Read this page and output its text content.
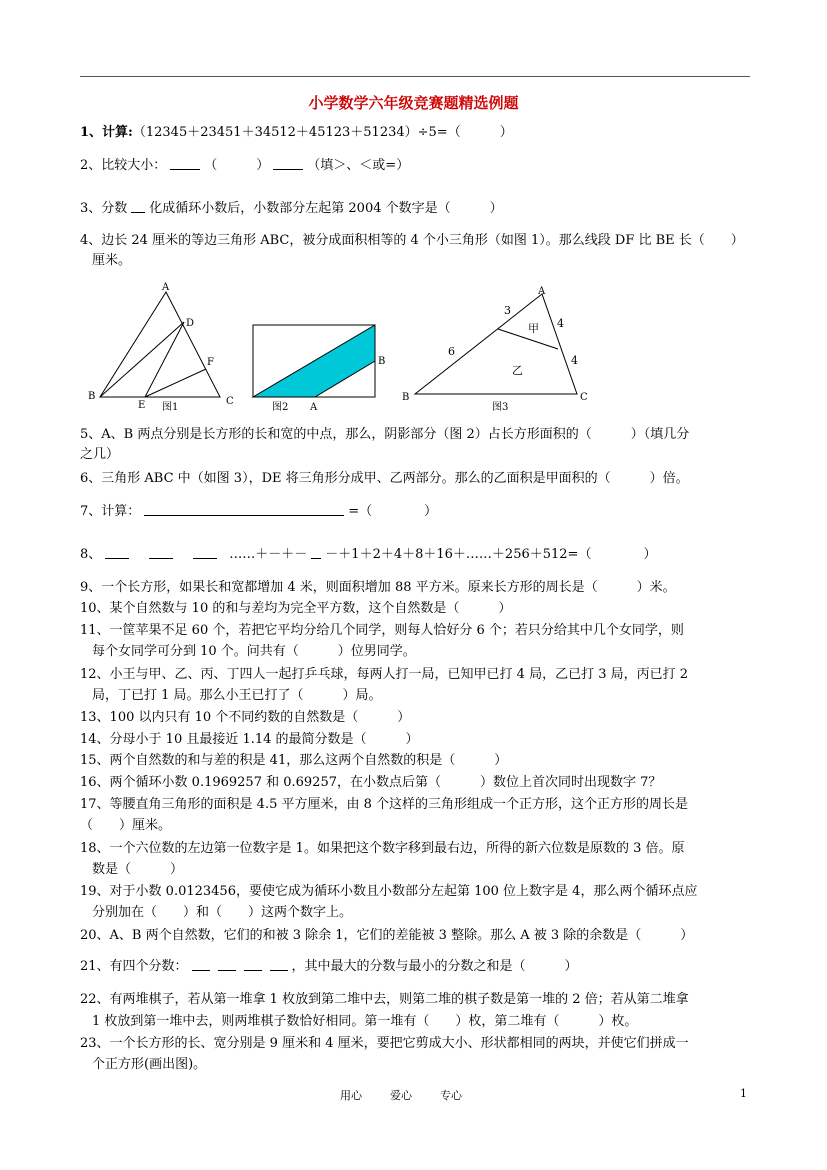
小学数学六年级竞赛题精选例题
1、计算:（12345＋23451＋34512＋45123＋51234）÷5=（　　　）
2、比较大小：	（　　　）	（填＞、＜或=）
3、分数 化成循环小数后，小数部分左起第 2004 个数字是（　　　）
4、边长 24 厘米的等边三角形 ABC，被分成面积相等的 4 个小三角形（如图 1）。那么线段 DF 比 BE 长（　　）
厘米。
A
B	C
D
E
F
图1
B
A
图2
A
B	C
3
4
6
4
甲
乙
图3
5、A、B 两点分别是长方形的长和宽的中点，那么，阴影部分（图 2）占长方形面积的（　　　）（填几分
之几）
6、三角形 ABC 中（如图 3），DE 将三角形分成甲、乙两部分。那么的乙面积是甲面积的（　　　）倍。
7、计算：	=（　　　　）
8、	……＋－＋－ －＋1＋2＋4＋8＋16＋……＋256＋512=（　　　　）
9、一个长方形，如果长和宽都增加 4 米，则面积增加 88 平方米。原来长方形的周长是（　　　）米。
10、某个自然数与 10 的和与差均为完全平方数，这个自然数是（　　　）
11、一筐苹果不足 60 个，若把它平均分给几个同学，则每人恰好分 6 个；若只分给其中几个女同学，则
每个女同学可分到 10 个。问共有（　　　）位男同学。
12、小王与甲、乙、丙、丁四人一起打乒乓球，每两人打一局，已知甲已打 4 局，乙已打 3 局，丙已打 2
局，丁已打 1 局。那么小王已打了（　　　）局。
13、100 以内只有 10 个不同约数的自然数是（　　　）
14、分母小于 10 且最接近 1.14 的最简分数是（　　　）
15、两个自然数的和与差的积是 41，那么这两个自然数的积是（　　　）
16、两个循环小数 0.1969257 和 0.69257，在小数点后第（　　　）数位上首次同时出现数字 7？
17、等腰直角三角形的面积是 4.5 平方厘米，由 8 个这样的三角形组成一个正方形，这个正方形的周长是
（　　）厘米。
18、一个六位数的左边第一位数字是 1。如果把这个数字移到最右边，所得的新六位数是原数的 3 倍。原
数是（　　　）
19、对于小数 0.0123456，要使它成为循环小数且小数部分左起第 100 位上数字是 4，那么两个循环点应
分别加在（　　）和（　　）这两个数字上。
20、A、B 两个自然数，它们的和被 3 除余 1，它们的差能被 3 整除。那么 A 被 3 除的余数是（　　　）
21、有四个分数：	，其中最大的分数与最小的分数之和是（　　　）
22、有两堆棋子，若从第一堆拿 1 枚放到第二堆中去，则第二堆的棋子数是第一堆的 2 倍；若从第二堆拿
1 枚放到第一堆中去，则两堆棋子数恰好相同。第一堆有（　　）枚，第二堆有（　　　）枚。
23、一个长方形的长、宽分别是 9 厘米和 4 厘米，要把它剪成大小、形状都相同的两块，并使它们拼成一
个正方形(画出图)。
用心	爱心	专心	1
